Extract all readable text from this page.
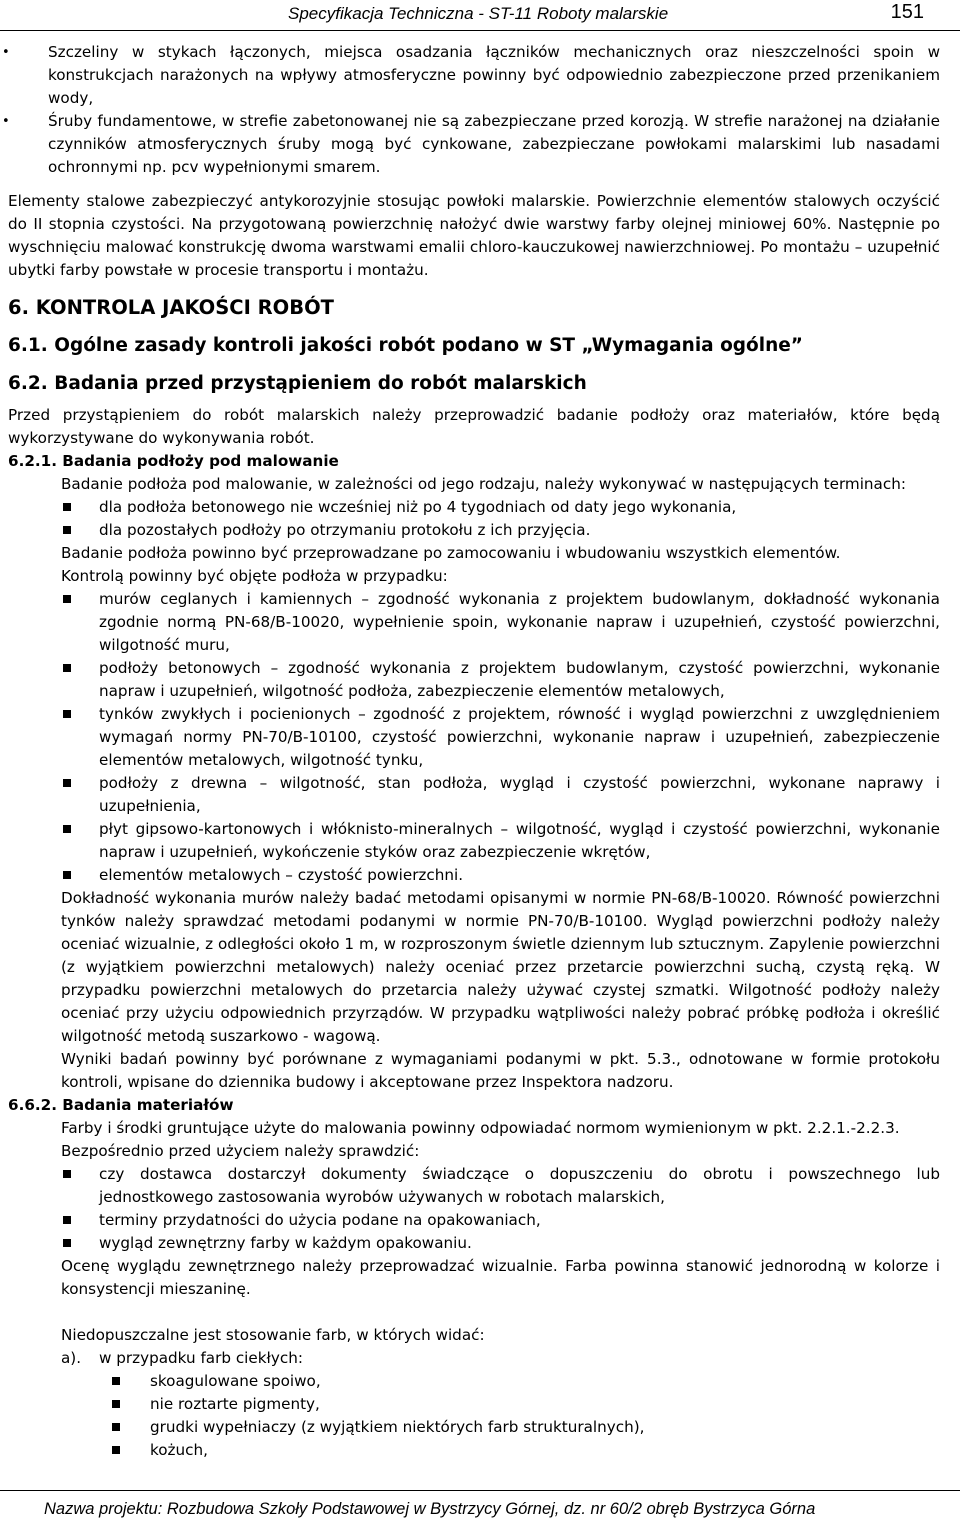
Specyfikacja Techniczna - ST-11 Roboty malarskie	151

• Szczeliny w stykach łączonych, miejsca osadzania łączników mechanicznych oraz nieszczelności spoin w konstrukcjach narażonych na wpływy atmosferyczne powinny być odpowiednio zabezpieczone przed przenikaniem wody,

• Śruby fundamentowe, w strefie zabetonowanej nie są zabezpieczane przed korozją. W strefie narażonej na działanie czynników atmosferycznych śruby mogą być cynkowane, zabezpieczane powłokami malarskimi lub nasadami ochronnymi np. pcv wypełnionymi smarem.

Elementy stalowe zabezpieczyć antykorozyjnie stosując powłoki malarskie. Powierzchnie elementów stalowych oczyścić do II stopnia czystości. Na przygotowaną powierzchnię nałożyć dwie warstwy farby olejnej miniowej 60%. Następnie po wyschnięciu malować konstrukcję dwoma warstwami emalii chloro-kauczukowej nawierzchniowej. Po montażu – uzupełnić ubytki farby powstałe w procesie transportu i montażu.

6. KONTROLA JAKOŚCI ROBÓT

6.1. Ogólne zasady kontroli jakości robót podano w ST „Wymagania ogólne”

6.2. Badania przed przystąpieniem do robót malarskich

Przed przystąpieniem do robót malarskich należy przeprowadzić badanie podłoży oraz materiałów, które będą wykorzystywane do wykonywania robót.

6.2.1. Badania podłoży pod malowanie

Badanie podłoża pod malowanie, w zależności od jego rodzaju, należy wykonywać w następujących terminach:

dla podłoża betonowego nie wcześniej niż po 4 tygodniach od daty jego wykonania,

dla pozostałych podłoży po otrzymaniu protokołu z ich przyjęcia.

Badanie podłoża powinno być przeprowadzane po zamocowaniu i wbudowaniu wszystkich elementów.

Kontrolą powinny być objęte podłoża w przypadku:

murów ceglanych i kamiennych – zgodność wykonania z projektem budowlanym, dokładność wykonania zgodnie normą PN-68/B-10020, wypełnienie spoin, wykonanie napraw i uzupełnień, czystość powierzchni, wilgotność muru,

podłoży betonowych – zgodność wykonania z projektem budowlanym, czystość powierzchni, wykonanie napraw i uzupełnień, wilgotność podłoża, zabezpieczenie elementów metalowych,

tynków zwykłych i pocienionych – zgodność z projektem, równość i wygląd powierzchni z uwzględnieniem wymagań normy PN-70/B-10100, czystość powierzchni, wykonanie napraw i uzupełnień, zabezpieczenie elementów metalowych, wilgotność tynku,

podłoży z drewna – wilgotność, stan podłoża, wygląd i czystość powierzchni, wykonane naprawy i uzupełnienia,

płyt gipsowo-kartonowych i włóknisto-mineralnych – wilgotność, wygląd i czystość powierzchni, wykonanie napraw i uzupełnień, wykończenie styków oraz zabezpieczenie wkrętów,

elementów metalowych – czystość powierzchni.

Dokładność wykonania murów należy badać metodami opisanymi w normie PN-68/B-10020. Równość powierzchni tynków należy sprawdzać metodami podanymi w normie PN-70/B-10100. Wygląd powierzchni podłoży należy oceniać wizualnie, z odległości około 1 m, w rozproszonym świetle dziennym lub sztucznym. Zapylenie powierzchni (z wyjątkiem powierzchni metalowych) należy oceniać przez przetarcie powierzchni suchą, czystą ręką. W przypadku powierzchni metalowych do przetarcia należy używać czystej szmatki. Wilgotność podłoży należy oceniać przy użyciu odpowiednich przyrządów. W przypadku wątpliwości należy pobrać próbkę podłoża i określić wilgotność metodą suszarkowo - wagową.

Wyniki badań powinny być porównane z wymaganiami podanymi w pkt. 5.3., odnotowane w formie protokołu kontroli, wpisane do dziennika budowy i akceptowane przez Inspektora nadzoru.

6.6.2. Badania materiałów

Farby i środki gruntujące użyte do malowania powinny odpowiadać normom wymienionym w pkt. 2.2.1.-2.2.3.

Bezpośrednio przed użyciem należy sprawdzić:

czy dostawca dostarczył dokumenty świadczące o dopuszczeniu do obrotu i powszechnego lub jednostkowego zastosowania wyrobów używanych w robotach malarskich,

terminy przydatności do użycia podane na opakowaniach,

wygląd zewnętrzny farby w każdym opakowaniu.

Ocenę wyglądu zewnętrznego należy przeprowadzać wizualnie. Farba powinna stanowić jednorodną w kolorze i konsystencji mieszaninę.

Niedopuszczalne jest stosowanie farb, w których widać:

a). w przypadku farb ciekłych:

skoagulowane spoiwo,

nie roztarte pigmenty,

grudki wypełniaczy (z wyjątkiem niektórych farb strukturalnych),

kożuch,

Nazwa projektu: Rozbudowa Szkoły Podstawowej w Bystrzycy Górnej, dz. nr 60/2 obręb Bystrzyca Górna
